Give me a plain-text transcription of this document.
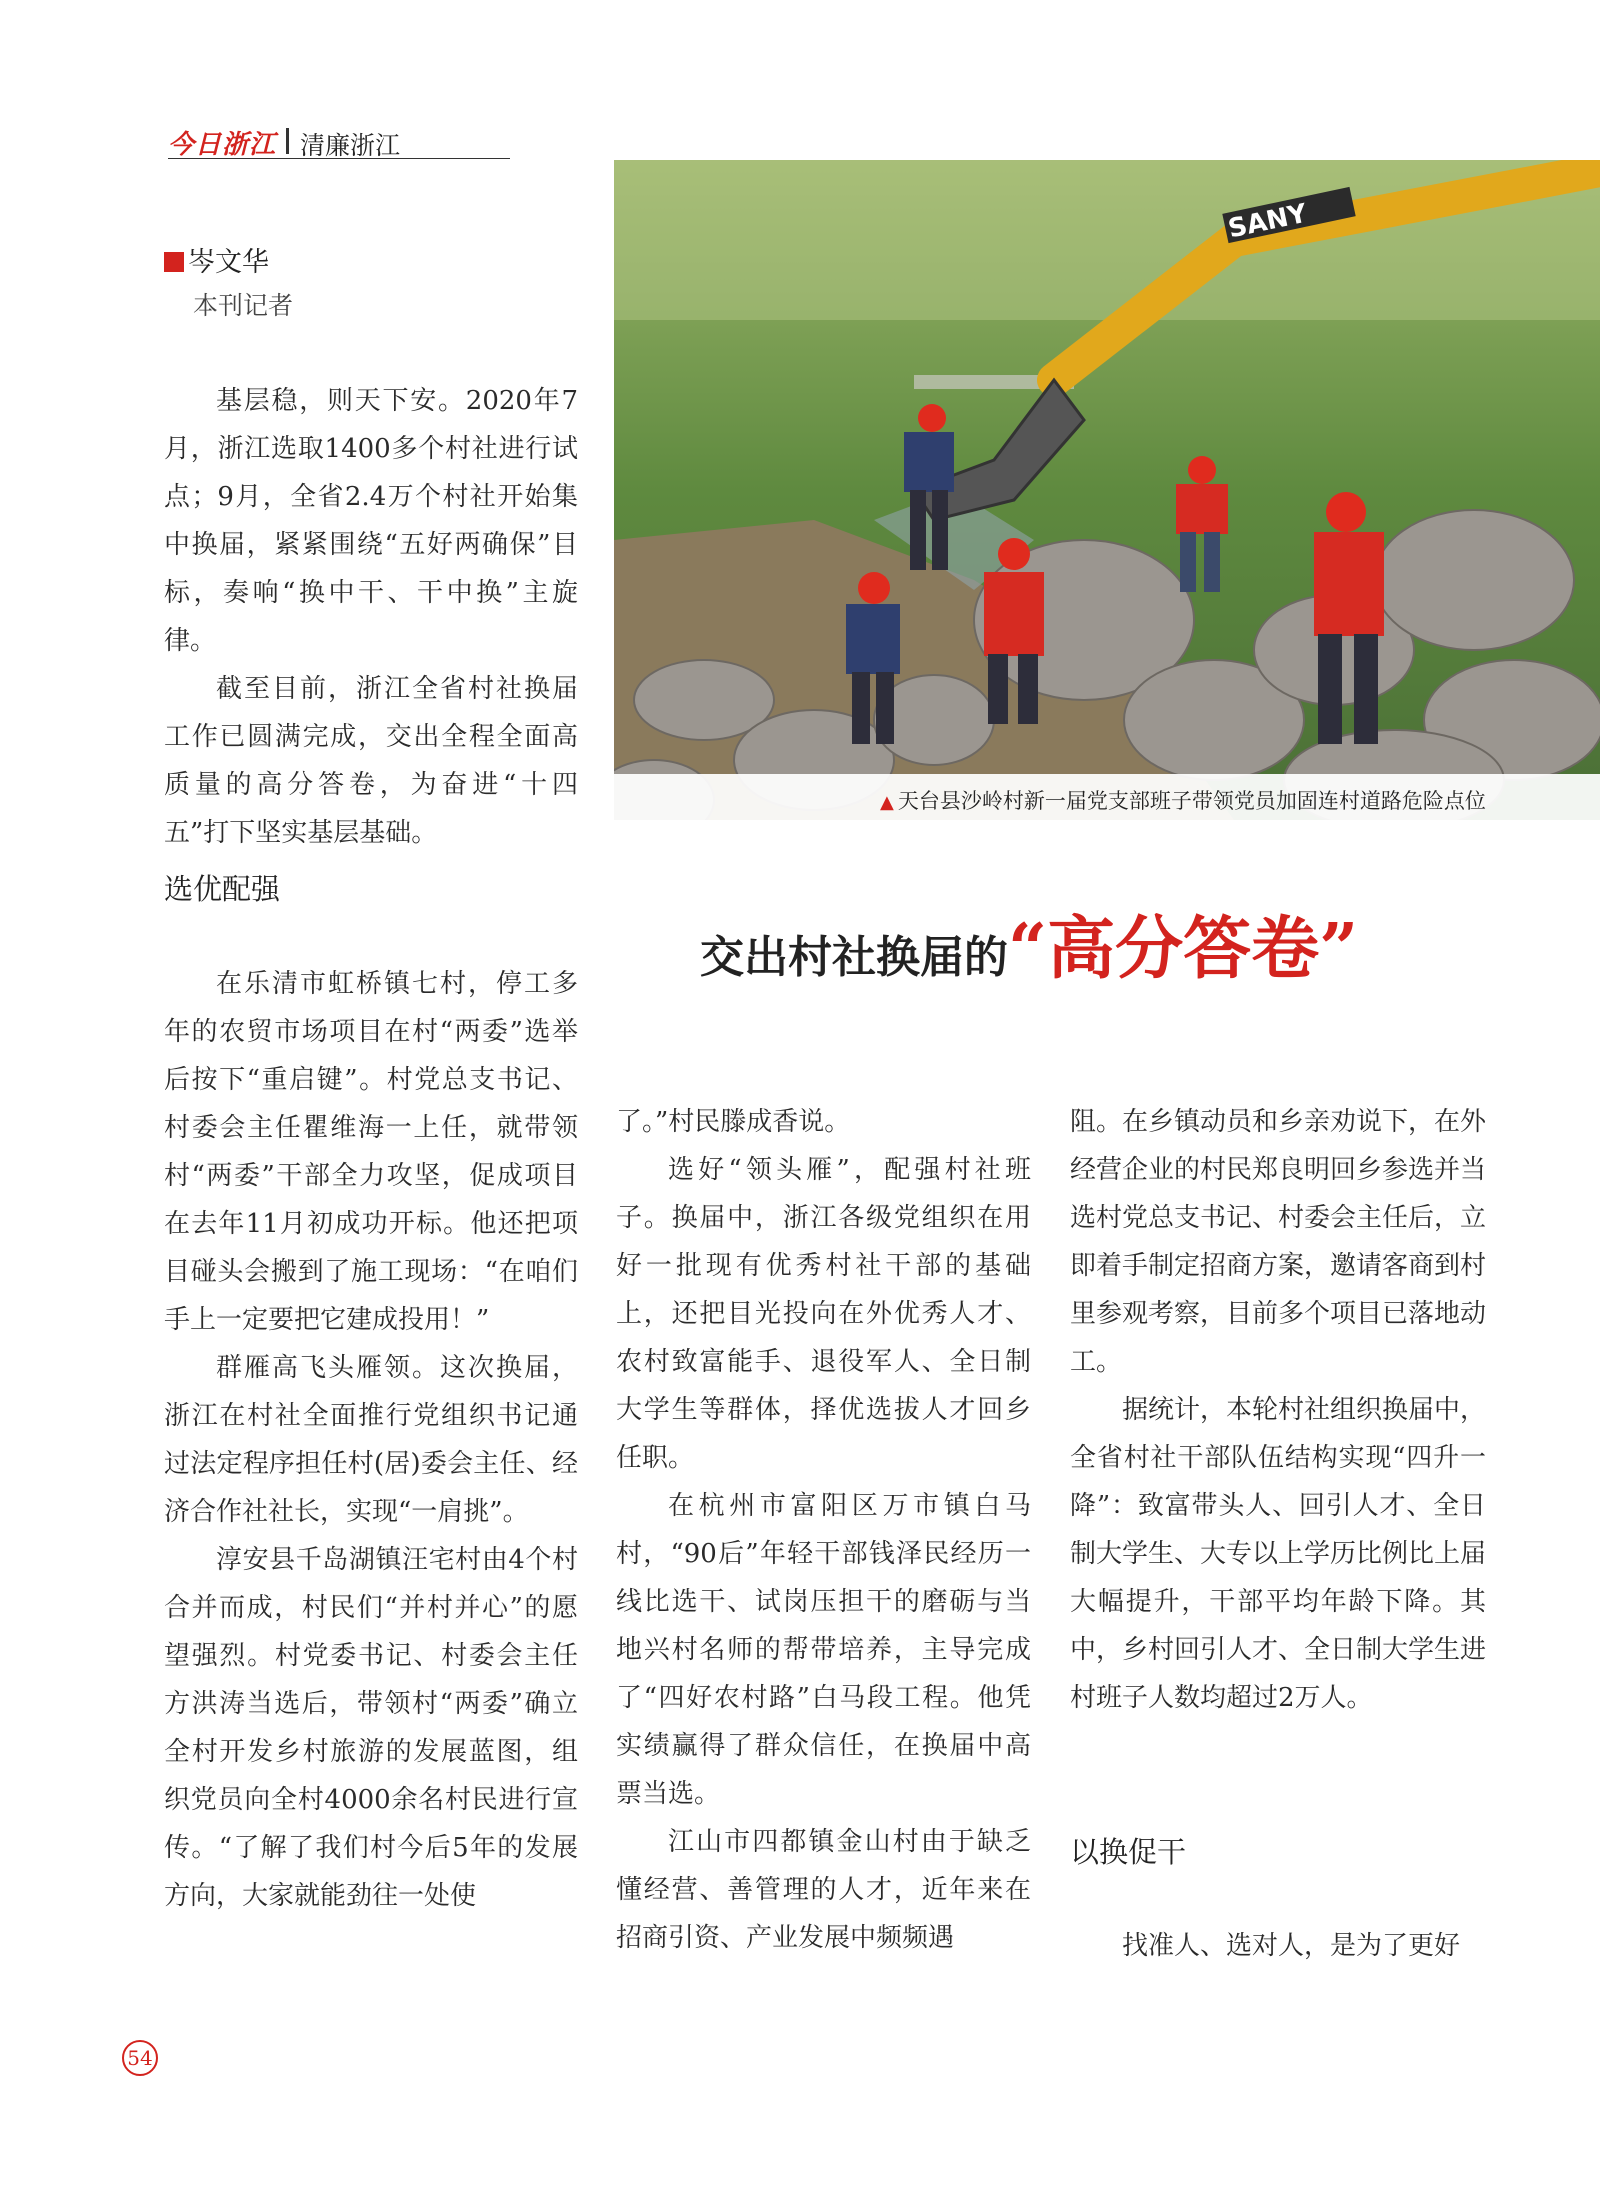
今日浙江 清廉浙江
岑文华
本刊记者

基层稳，则天下安。2020年7月，浙江选取1400多个村社进行试点；9月，全省2.4万个村社开始集中换届，紧紧围绕“五好两确保”目标，奏响“换中干、干中换”主旋律。

截至目前，浙江全省村社换届工作已圆满完成，交出全程全面高质量的高分答卷，为奋进“十四五”打下坚实基层基础。

选优配强

在乐清市虹桥镇七村，停工多年的农贸市场项目在村“两委”选举后按下“重启键”。村党总支书记、村委会主任瞿维海一上任，就带领村“两委”干部全力攻坚，促成项目在去年11月初成功开标。他还把项目碰头会搬到了施工现场：“在咱们手上一定要把它建成投用！”

群雁高飞头雁领。这次换届，浙江在村社全面推行党组织书记通过法定程序担任村(居)委会主任、经济合作社社长，实现“一肩挑”。

淳安县千岛湖镇汪宅村由4个村合并而成，村民们“并村并心”的愿望强烈。村党委书记、村委会主任方洪涛当选后，带领村“两委”确立全村开发乡村旅游的发展蓝图，组织党员向全村4000余名村民进行宣传。“了解了我们村今后5年的发展方向，大家就能劲往一处使

SANY
▲ 天台县沙岭村新一届党支部班子带领党员加固连村道路危险点位
交出村社换届的“高分答卷”

了。”村民滕成香说。

选好“领头雁”，配强村社班子。换届中，浙江各级党组织在用好一批现有优秀村社干部的基础上，还把目光投向在外优秀人才、农村致富能手、退役军人、全日制大学生等群体，择优选拔人才回乡任职。

在杭州市富阳区万市镇白马村，“90后”年轻干部钱泽民经历一线比选干、试岗压担干的磨砺与当地兴村名师的帮带培养，主导完成了“四好农村路”白马段工程。他凭实绩赢得了群众信任，在换届中高票当选。

江山市四都镇金山村由于缺乏懂经营、善管理的人才，近年来在招商引资、产业发展中频频遇

阻。在乡镇动员和乡亲劝说下，在外经营企业的村民郑良明回乡参选并当选村党总支书记、村委会主任后，立即着手制定招商方案，邀请客商到村里参观考察，目前多个项目已落地动工。

据统计，本轮村社组织换届中，全省村社干部队伍结构实现“四升一降”：致富带头人、回引人才、全日制大学生、大专以上学历比例比上届大幅提升，干部平均年龄下降。其中，乡村回引人才、全日制大学生进村班子人数均超过2万人。

以换促干

找准人、选对人，是为了更好

54
